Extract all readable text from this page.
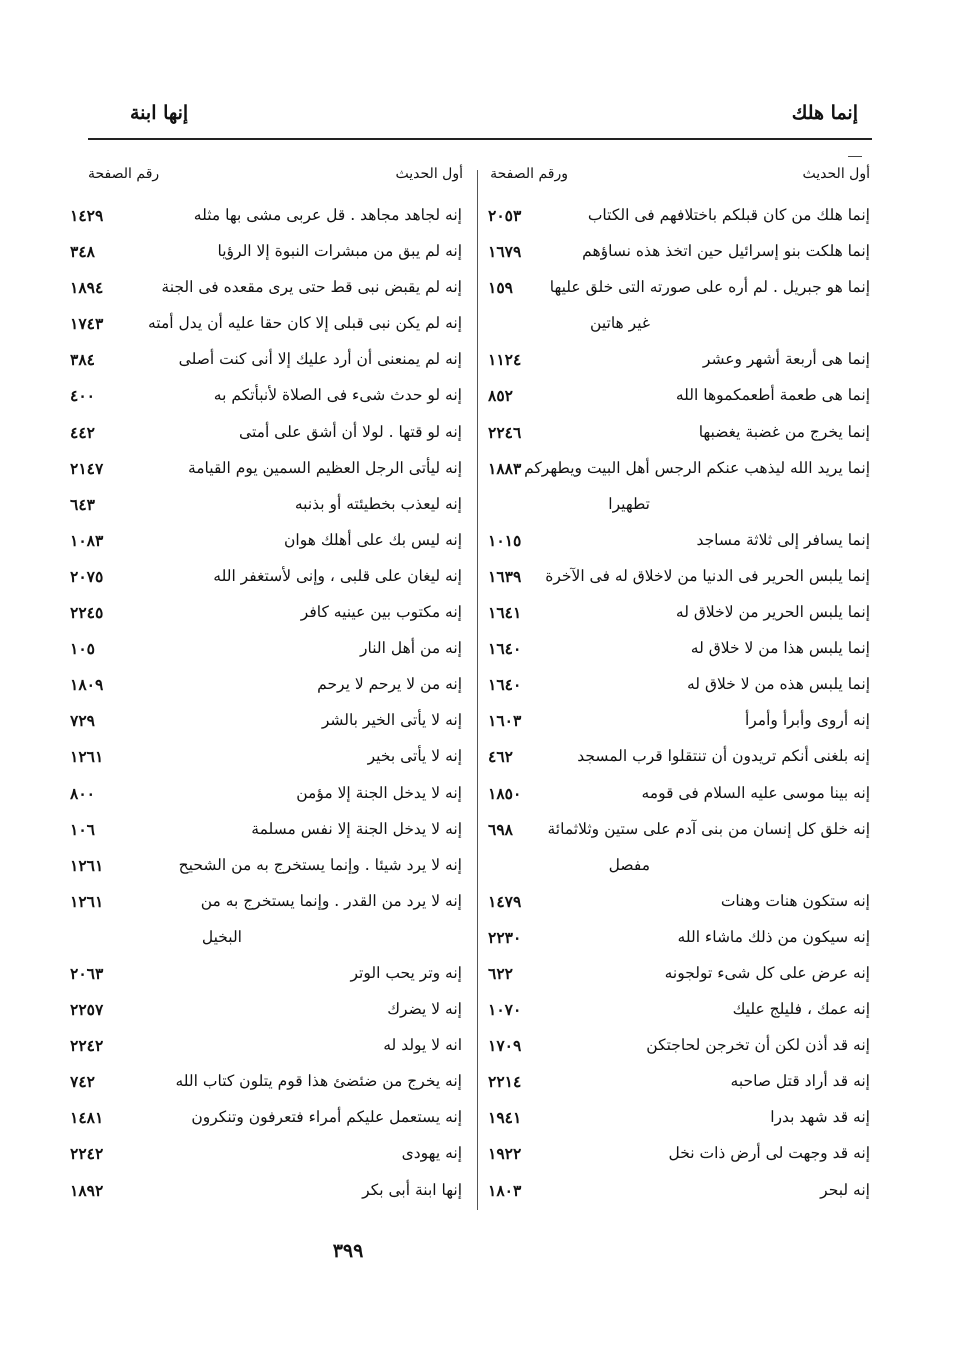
إنما هلك
إنها ابنة
أول الحديث
ورقم الصفحة
أول الحديث
رقم الصفحة
إنما هلك من كان قبلكم باختلافهم فى الكتاب
٢٠٥٣
إنما هلكت بنو إسرائيل حين اتخذ هذه نساؤهم
١٦٧٩
إنما هو جبريل . لم أره على صورته التى خلق عليها
١٥٩
غير هاتين
إنما هى أربعة أشهر وعشر
١١٢٤
إنما هى طعمة أطعمكموها الله
٨٥٢
إنما يخرج من غضبة يغضبها
٢٢٤٦
إنما يريد الله ليذهب عنكم الرجس أهل البيت ويطهركم
١٨٨٣
تطهيرا
إنما يسافر إلى ثلاثة مساجد
١٠١٥
إنما يلبس الحرير فى الدنيا من لاخلاق له فى الآخرة
١٦٣٩
إنما يلبس الحرير من لاخلاق له
١٦٤١
إنما يلبس هذا من لا خلاق له
١٦٤٠
إنما يلبس هذه من لا خلاق له
١٦٤٠
إنه أروى وأبرأ وأمرأ
١٦٠٣
إنه بلغنى أنكم تريدون أن تنتقلوا قرب المسجد
٤٦٢
إنه بينا موسى عليه السلام فى قومه
١٨٥٠
إنه خلق كل إنسان من بنى آدم على ستين وثلاثمائة
٦٩٨
مفصل
إنه ستكون هنات وهنات
١٤٧٩
إنه سيكون من ذلك ماشاء الله
٢٢٣٠
إنه عرض على كل شىء تولجونه
٦٢٢
إنه عمك ، فليلج عليك
١٠٧٠
إنه قد أذن لكن أن تخرجن لحاجتكن
١٧٠٩
إنه قد أراد قتل صاحبه
٢٢١٤
إنه قد شهد بدرا
١٩٤١
إنه قد وجهت لى أرض ذات نخل
١٩٢٢
إنه لبحر
١٨٠٣
إنه لجاهد مجاهد . قل عربى مشى بها مثله
١٤٢٩
إنه لم يبق من مبشرات النبوة إلا الرؤيا
٣٤٨
إنه لم يقبض نبى قط حتى يرى مقعده فى الجنة
١٨٩٤
إنه لم يكن نبى قبلى إلا كان حقا عليه أن يدل أمته
١٧٤٣
إنه لم يمنعنى أن أرد عليك إلا أنى كنت أصلى
٣٨٤
إنه لو حدث شىء فى الصلاة لأنبأتكم به
٤٠٠
إنه لو قتها . لولا أن أشق على أمتى
٤٤٢
إنه ليأتى الرجل العظيم السمين يوم القيامة
٢١٤٧
إنه ليعذب بخطيئته أو بذنبه
٦٤٣
إنه ليس بك على أهلك هوان
١٠٨٣
إنه ليغان على قلبى ، وإنى لأستغفر الله
٢٠٧٥
إنه مكتوب بين عينيه كافر
٢٢٤٥
إنه من أهل النار
١٠٥
إنه من لا يرحم لا يرحم
١٨٠٩
إنه لا يأتى الخير بالشر
٧٢٩
إنه لا يأتى بخير
١٢٦١
إنه لا يدخل الجنة إلا مؤمن
٨٠٠
إنه لا يدخل الجنة إلا نفس مسلمة
١٠٦
إنه لا يرد شيئا . وإنما يستخرج به من الشحيح
١٢٦١
إنه لا يرد من القدر . وإنما يستخرج به من
١٢٦١
البخيل
إنه وتر يحب الوتر
٢٠٦٣
إنه لا يضرك
٢٢٥٧
انه لا يولد له
٢٢٤٢
إنه يخرج من ضئضئ هذا قوم يتلون كتاب الله
٧٤٢
إنه يستعمل عليكم أمراء فتعرفون وتنكرون
١٤٨١
إنه يهودى
٢٢٤٢
إنها ابنة أبى بكر
١٨٩٢
٣٩٩
